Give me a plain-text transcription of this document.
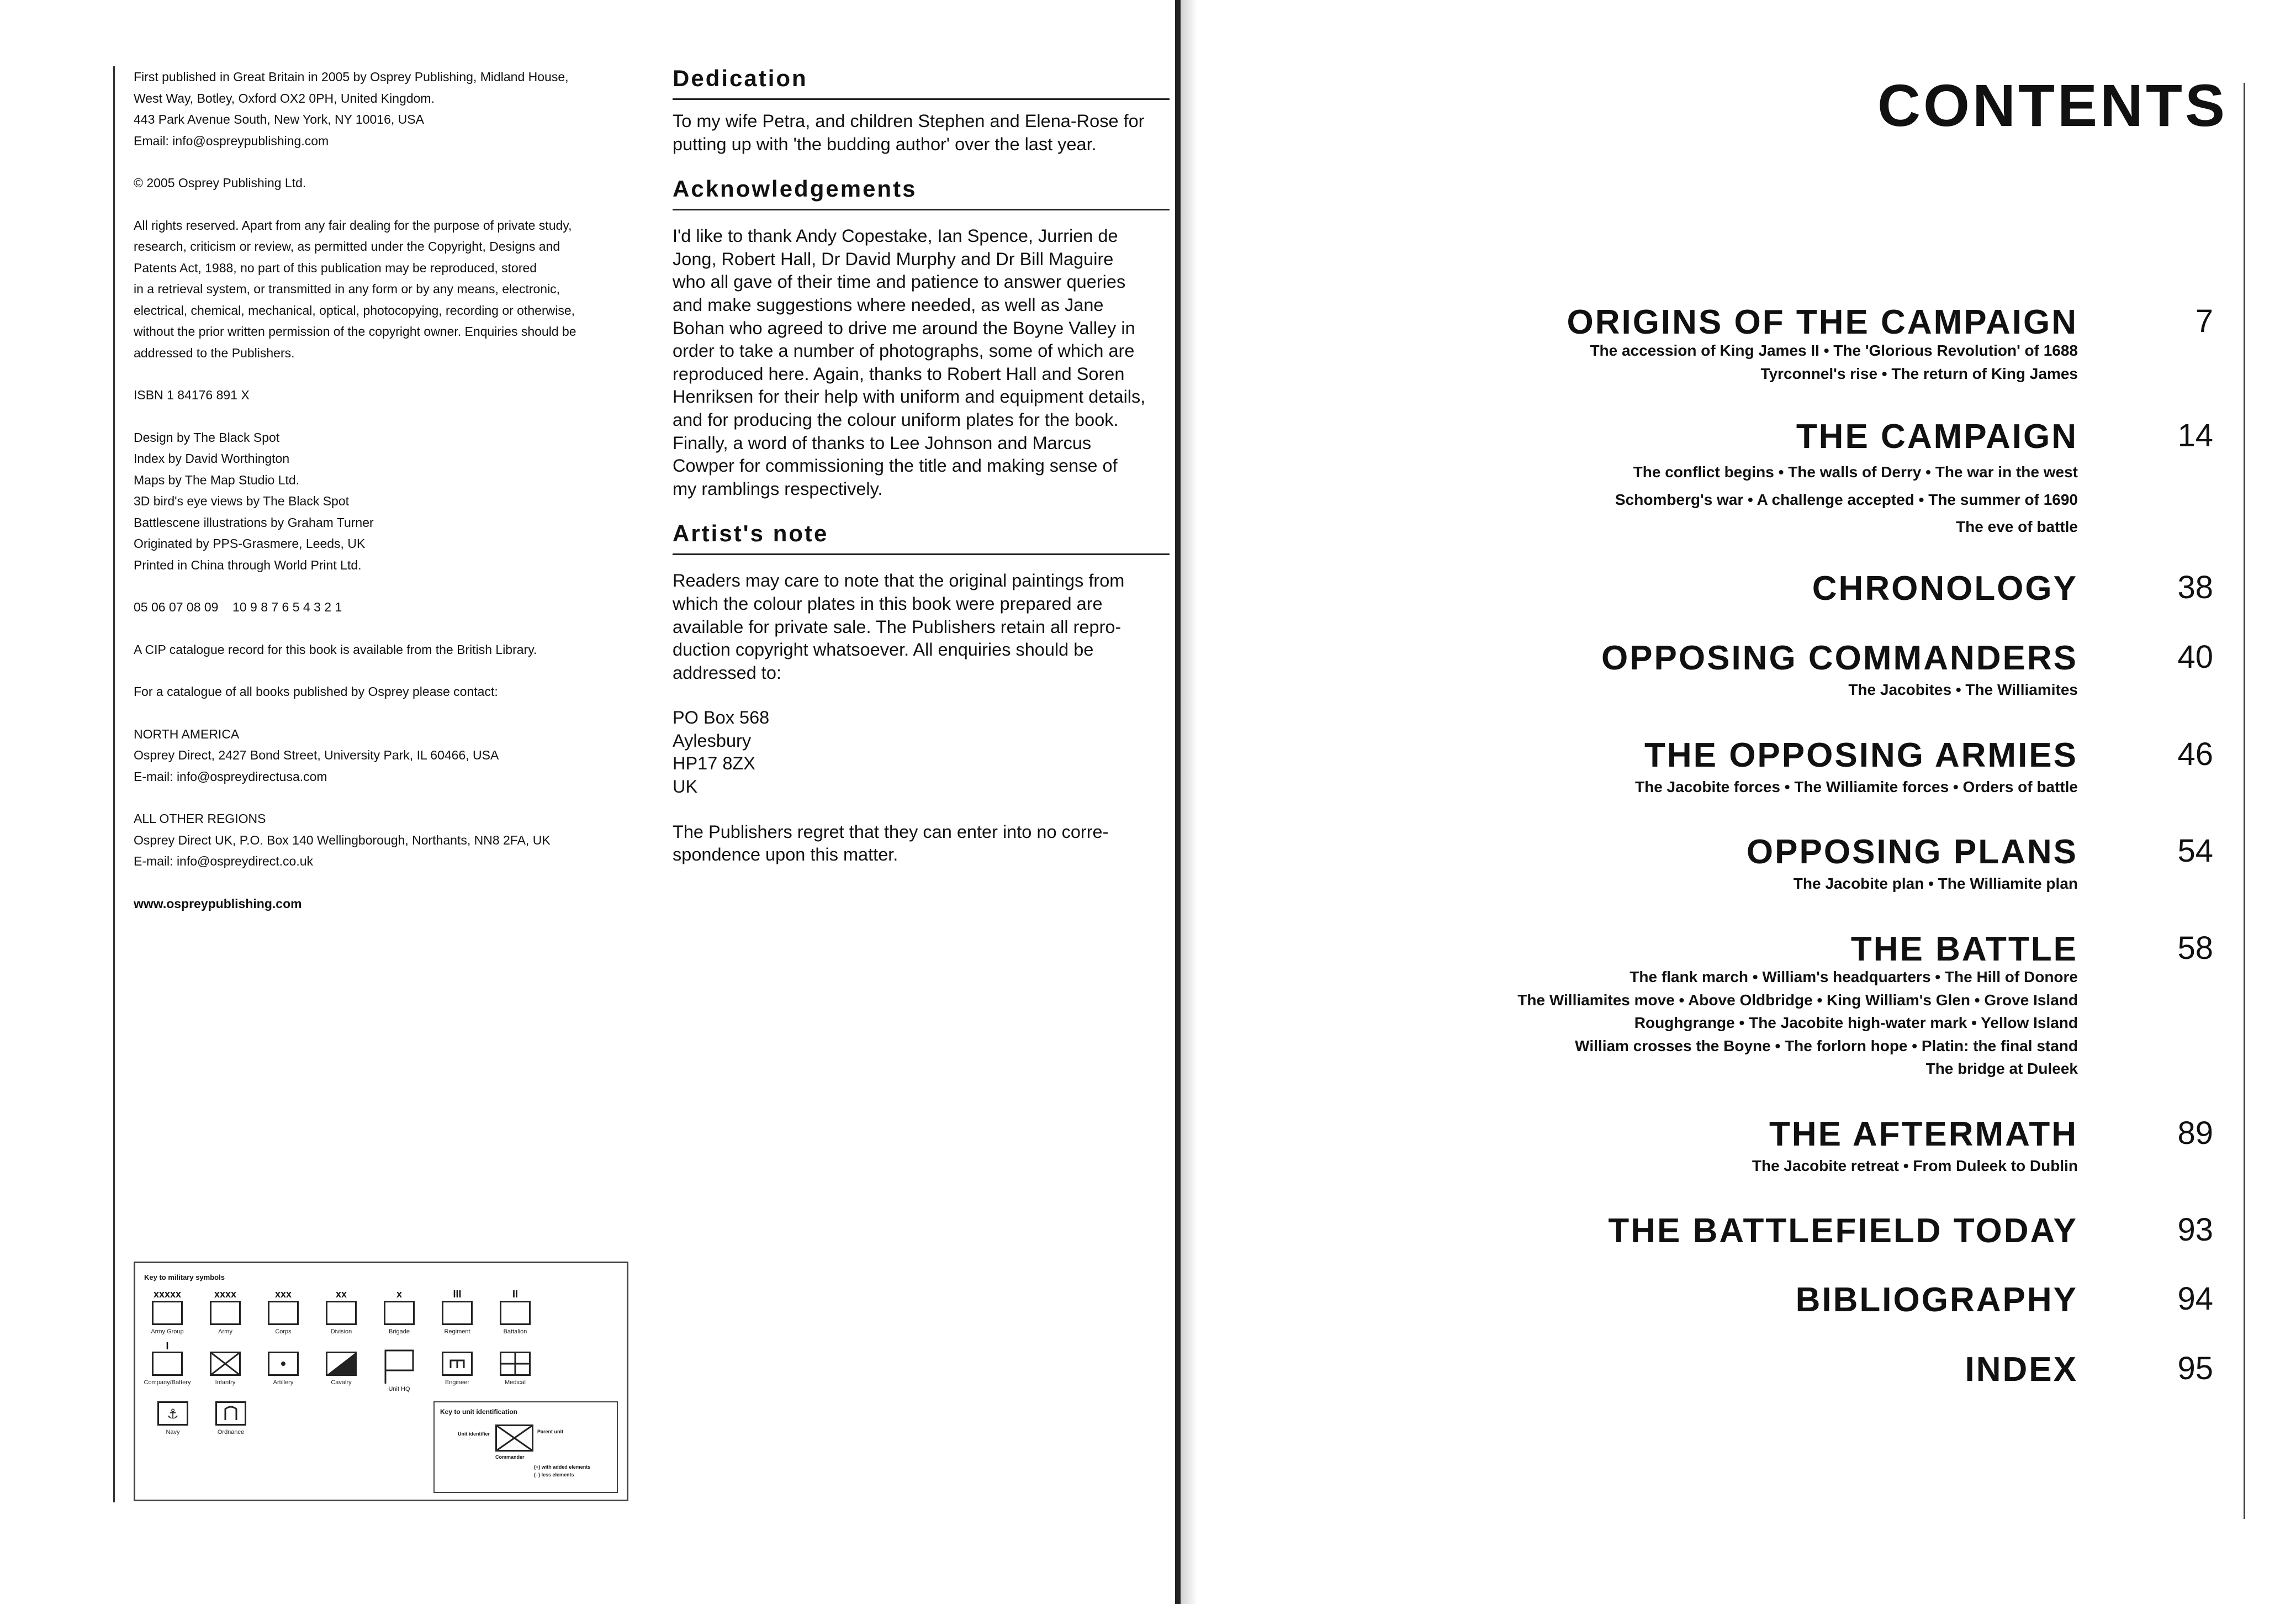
First published in Great Britain in 2005 by Osprey Publishing, Midland House,
West Way, Botley, Oxford OX2 0PH, United Kingdom.
443 Park Avenue South, New York, NY 10016, USA
Email: info@ospreypublishing.com

© 2005 Osprey Publishing Ltd.

All rights reserved. Apart from any fair dealing for the purpose of private study,
research, criticism or review, as permitted under the Copyright, Designs and
Patents Act, 1988, no part of this publication may be reproduced, stored
in a retrieval system, or transmitted in any form or by any means, electronic,
electrical, chemical, mechanical, optical, photocopying, recording or otherwise,
without the prior written permission of the copyright owner. Enquiries should be
addressed to the Publishers.

ISBN 1 84176 891 X

Design by The Black Spot
Index by David Worthington
Maps by The Map Studio Ltd.
3D bird's eye views by The Black Spot
Battlescene illustrations by Graham Turner
Originated by PPS-Grasmere, Leeds, UK
Printed in China through World Print Ltd.

05 06 07 08 09    10 9 8 7 6 5 4 3 2 1

A CIP catalogue record for this book is available from the British Library.

For a catalogue of all books published by Osprey please contact:

NORTH AMERICA
Osprey Direct, 2427 Bond Street, University Park, IL 60466, USA
E-mail: info@ospreydirectusa.com

ALL OTHER REGIONS
Osprey Direct UK, P.O. Box 140 Wellingborough, Northants, NN8 2FA, UK
E-mail: info@ospreydirect.co.uk

www.ospreypublishing.com

Key to military symbols
xxxxx
Army Group
xxxx
Army
xxx
Corps
xx
Division
x
Brigade
III
Regiment
II
Battalion
I
Company/Battery	Infantry	Artillery	Cavalry
Unit HQ
Engineer	Medical
⚓
Navy	Ordnance
Key to unit identification
Unit identifier	Parent unit
Commander
(+) with added elements
(–) less elements
Dedication
To my wife Petra, and children Stephen and Elena-Rose for
putting up with 'the budding author' over the last year.
Acknowledgements
I'd like to thank Andy Copestake, Ian Spence, Jurrien de
Jong, Robert Hall, Dr David Murphy and Dr Bill Maguire
who all gave of their time and patience to answer queries
and make suggestions where needed, as well as Jane
Bohan who agreed to drive me around the Boyne Valley in
order to take a number of photographs, some of which are
reproduced here. Again, thanks to Robert Hall and Soren
Henriksen for their help with uniform and equipment details,
and for producing the colour uniform plates for the book.
Finally, a word of thanks to Lee Johnson and Marcus
Cowper for commissioning the title and making sense of
my ramblings respectively.
Artist's note
Readers may care to note that the original paintings from
which the colour plates in this book were prepared are
available for private sale. The Publishers retain all repro-
duction copyright whatsoever. All enquiries should be
addressed to:
PO Box 568
Aylesbury
HP17 8ZX
UK
The Publishers regret that they can enter into no corre-
spondence upon this matter.
CONTENTS
ORIGINS OF THE CAMPAIGN	7
The accession of King James II • The 'Glorious Revolution' of 1688
Tyrconnel's rise • The return of King James
THE CAMPAIGN	14
The conflict begins • The walls of Derry • The war in the west
Schomberg's war • A challenge accepted • The summer of 1690
The eve of battle
CHRONOLOGY	38
OPPOSING COMMANDERS	40
The Jacobites • The Williamites
THE OPPOSING ARMIES	46
The Jacobite forces • The Williamite forces • Orders of battle
OPPOSING PLANS	54
The Jacobite plan • The Williamite plan
THE BATTLE	58
The flank march • William's headquarters • The Hill of Donore
The Williamites move • Above Oldbridge • King William's Glen • Grove Island
Roughgrange • The Jacobite high-water mark • Yellow Island
William crosses the Boyne • The forlorn hope • Platin: the final stand
The bridge at Duleek
THE AFTERMATH	89
The Jacobite retreat • From Duleek to Dublin
THE BATTLEFIELD TODAY	93
BIBLIOGRAPHY	94
INDEX	95
